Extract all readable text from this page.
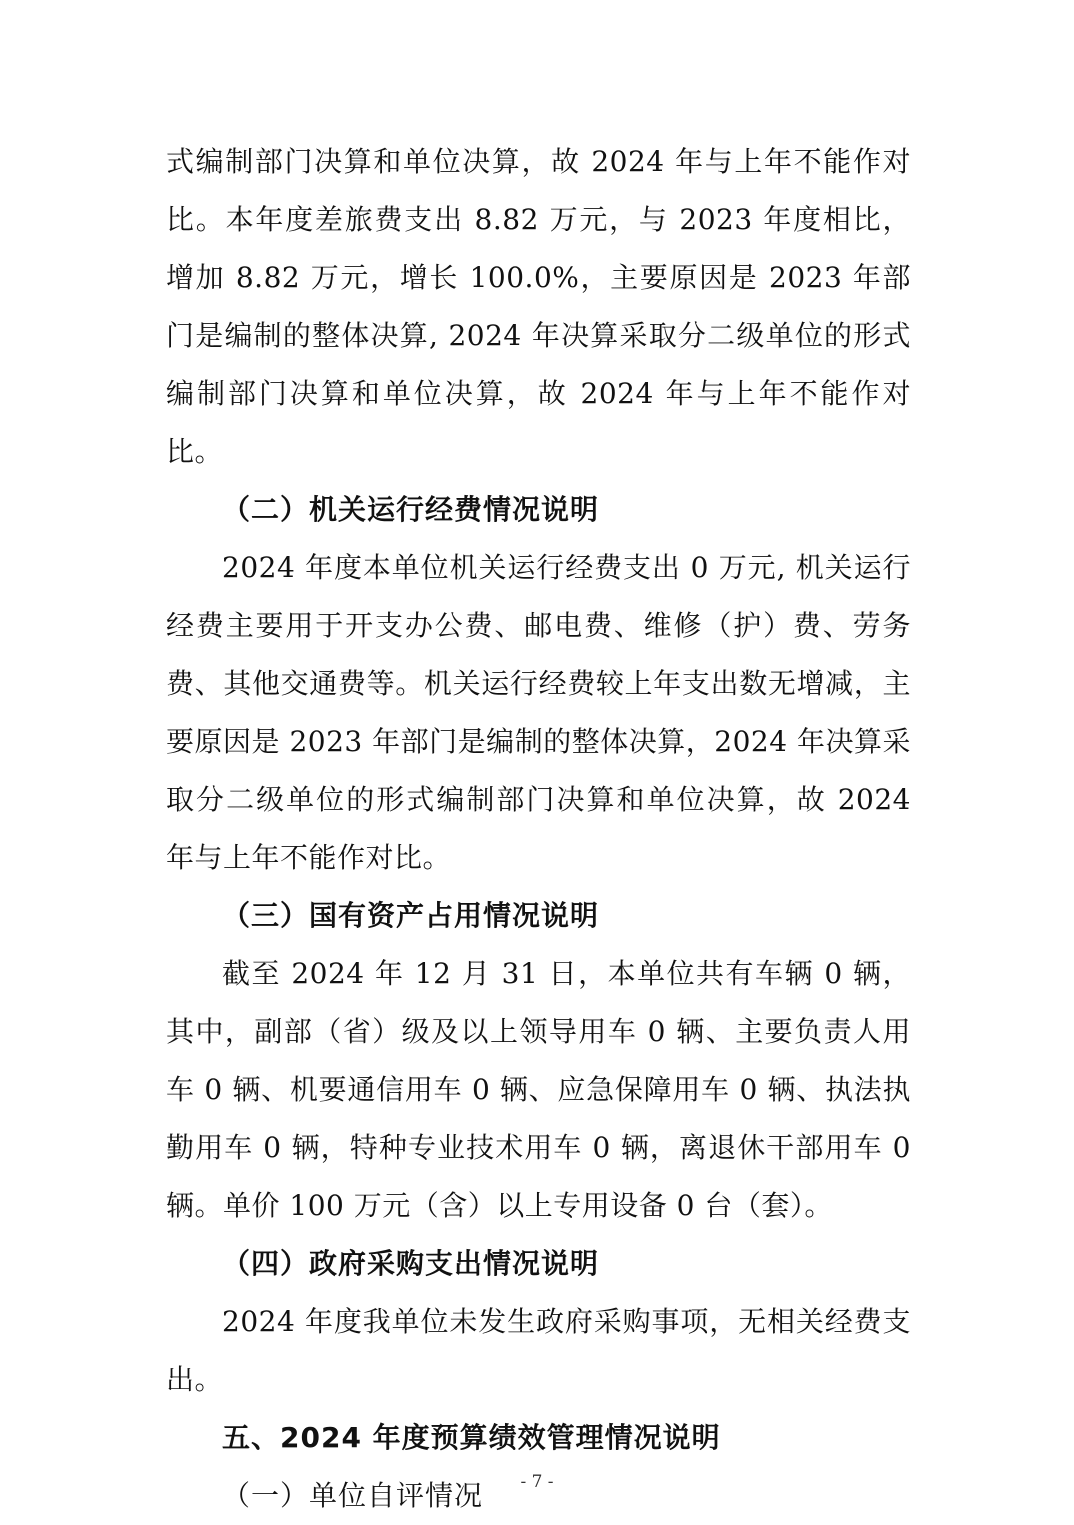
式编制部门决算和单位决算，故 2024 年与上年不能作对比。本年度差旅费支出 8.82 万元，与 2023 年度相比，增加 8.82 万元，增长 100.0%，主要原因是 2023 年部门是编制的整体决算, 2024 年决算采取分二级单位的形式编制部门决算和单位决算，故 2024 年与上年不能作对比。

（二）机关运行经费情况说明

2024 年度本单位机关运行经费支出 0 万元, 机关运行经费主要用于开支办公费、邮电费、维修（护）费、劳务费、其他交通费等。机关运行经费较上年支出数无增减，主要原因是 2023 年部门是编制的整体决算，2024 年决算采取分二级单位的形式编制部门决算和单位决算，故 2024 年与上年不能作对比。

（三）国有资产占用情况说明

截至 2024 年 12 月 31 日，本单位共有车辆 0 辆，其中，副部（省）级及以上领导用车 0 辆、主要负责人用车 0 辆、机要通信用车 0 辆、应急保障用车 0 辆、执法执勤用车 0 辆，特种专业技术用车 0 辆，离退休干部用车 0 辆。单价 100 万元（含）以上专用设备 0 台（套）。

（四）政府采购支出情况说明

2024 年度我单位未发生政府采购事项，无相关经费支出。

五、2024 年度预算绩效管理情况说明

（一）单位自评情况	- 7 -
